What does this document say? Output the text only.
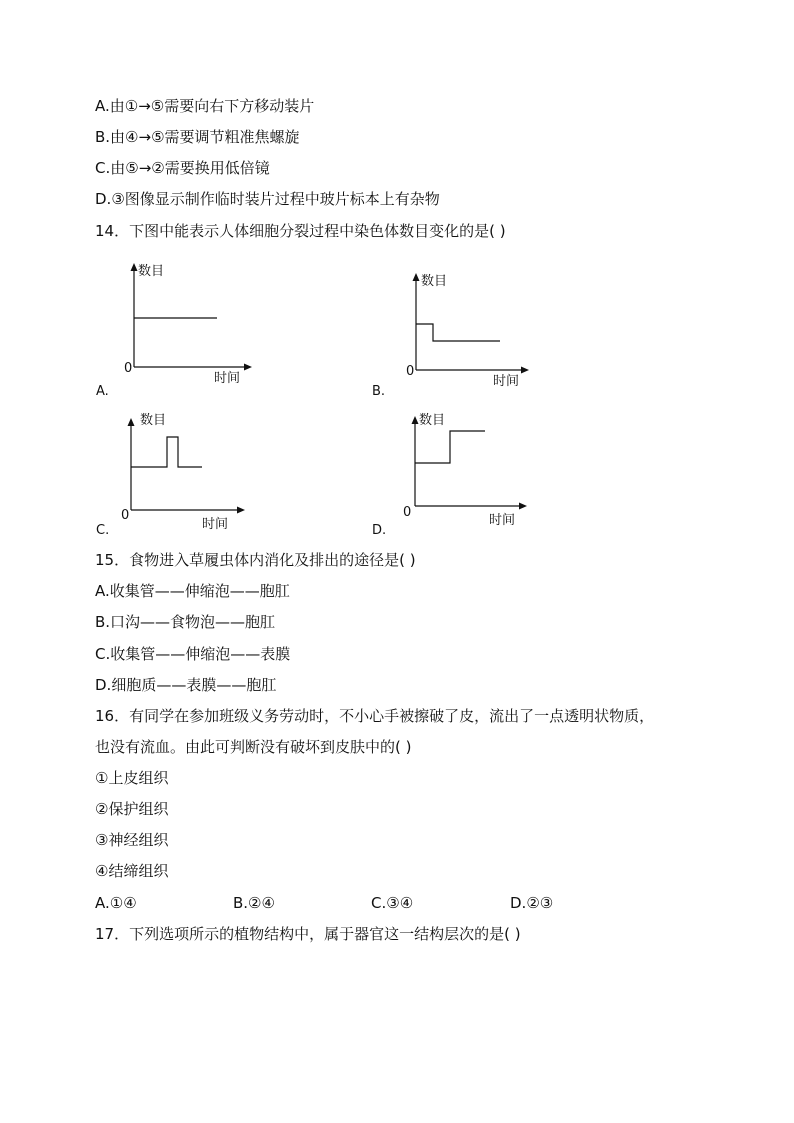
A.由①→⑤需要向右下方移动装片
B.由④→⑤需要调节粗准焦螺旋
C.由⑤→②需要换用低倍镜
D.③图像显示制作临时装片过程中玻片标本上有杂物
14．下图中能表示人体细胞分裂过程中染色体数目变化的是( )
数目
0
时间
A.
数目
0
时间
B.
数目
0
时间
C.
数目
0
时间
D.
15．食物进入草履虫体内消化及排出的途径是( )
A.收集管——伸缩泡——胞肛
B.口沟——食物泡——胞肛
C.收集管——伸缩泡——表膜
D.细胞质——表膜——胞肛
16．有同学在参加班级义务劳动时，不小心手被擦破了皮，流出了一点透明状物质，
也没有流血。由此可判断没有破坏到皮肤中的( )
①上皮组织
②保护组织
③神经组织
④结缔组织
A.①④	B.②④	C.③④	D.②③
17．下列选项所示的植物结构中，属于器官这一结构层次的是( )
